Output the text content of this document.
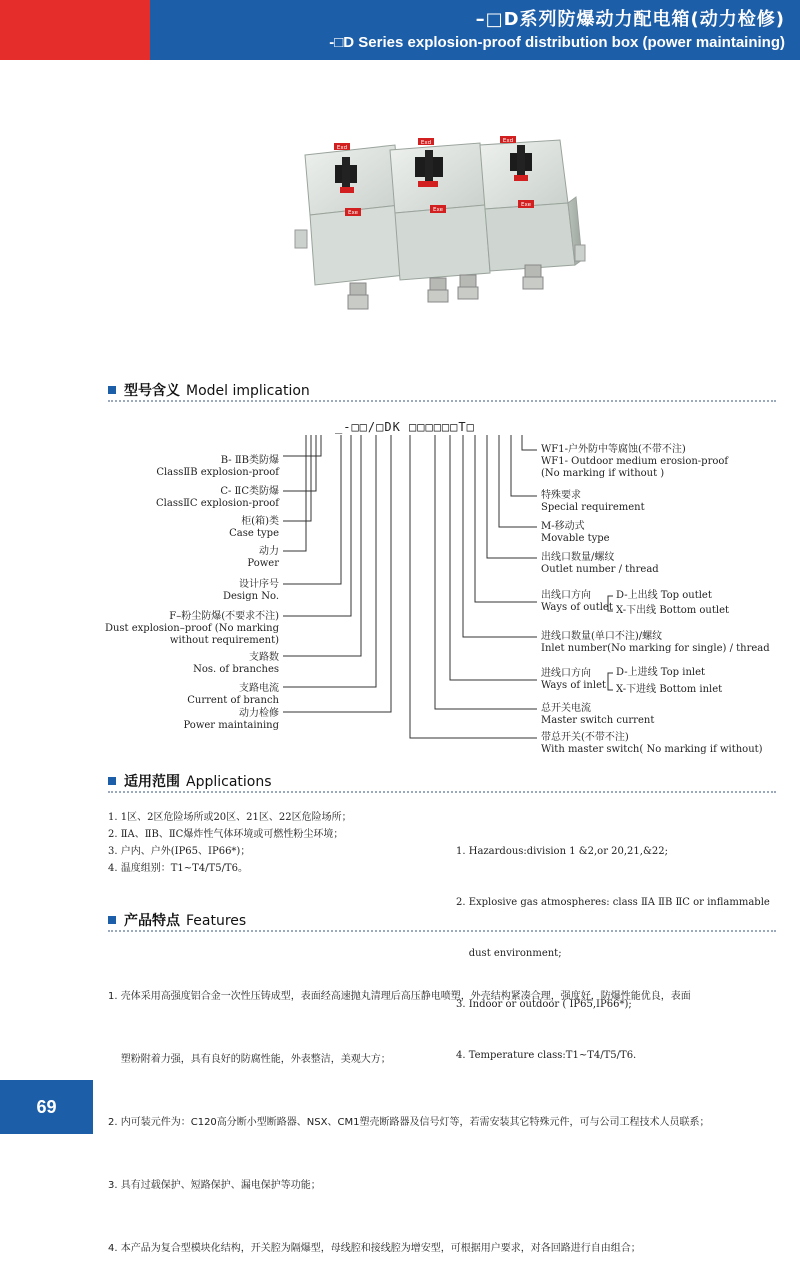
–□D系列防爆动力配电箱(动力检修)
-□D Series explosion-proof distribution box (power maintaining)
Exd
Exd	Exd
Exe	Exe
Exe
型号含义 Model implication
_-□□/□DK □□□□□□T□
B- ⅡB类防爆
ClassⅡB explosion-proof
C- ⅡC类防爆
ClassⅡC explosion-proof
柜(箱)类
Case type
动力
Power
设计序号
Design No.
F–粉尘防爆(不要求不注)
Dust explosion–proof (No marking
without requirement)
支路数
Nos. of branches
支路电流
Current of branch
动力检修
Power maintaining
WF1-户外防中等腐蚀(不带不注)
WF1- Outdoor medium erosion-proof
(No marking if without )
特殊要求
Special requirement
M-移动式
Movable type
出线口数量/螺纹
Outlet number / thread
出线口方向
Ways of outlet
D-上出线 Top outlet
X-下出线 Bottom outlet
进线口数量(单口不注)/螺纹
Inlet number(No marking for single) / thread
进线口方向
Ways of inlet
D-上进线 Top inlet
X-下进线 Bottom inlet
总开关电流
Master switch current
带总开关(不带不注)
With master switch( No marking if without)
适用范围 Applications
1. 1区、2区危险场所或20区、21区、22区危险场所；
2. ⅡA、ⅡB、ⅡC爆炸性气体环境或可燃性粉尘环境；
3. 户内、户外(IP65、IP66*)；
4. 温度组别：T1~T4/T5/T6。

1. Hazardous:division 1 &2,or 20,21,&22;

2. Explosive gas atmospheres: class ⅡA ⅡB ⅡC or inflammable

dust environment;

3. Indoor or outdoor ( IP65,IP66*);

4. Temperature class:T1~T4/T5/T6.

产品特点 Features

1. 壳体采用高强度铝合金一次性压铸成型，表面经高速抛丸清理后高压静电喷塑，外壳结构紧凑合理，强度好，防爆性能优良，表面

塑粉附着力强，具有良好的防腐性能，外表整洁，美观大方；

2. 内可装元件为：C120高分断小型断路器、NSX、CM1塑壳断路器及信号灯等，若需安装其它特殊元件，可与公司工程技术人员联系；

3. 具有过载保护、短路保护、漏电保护等功能；

4. 本产品为复合型模块化结构，开关腔为隔爆型，母线腔和接线腔为增安型，可根据用户要求，对各回路进行自由组合；

69
